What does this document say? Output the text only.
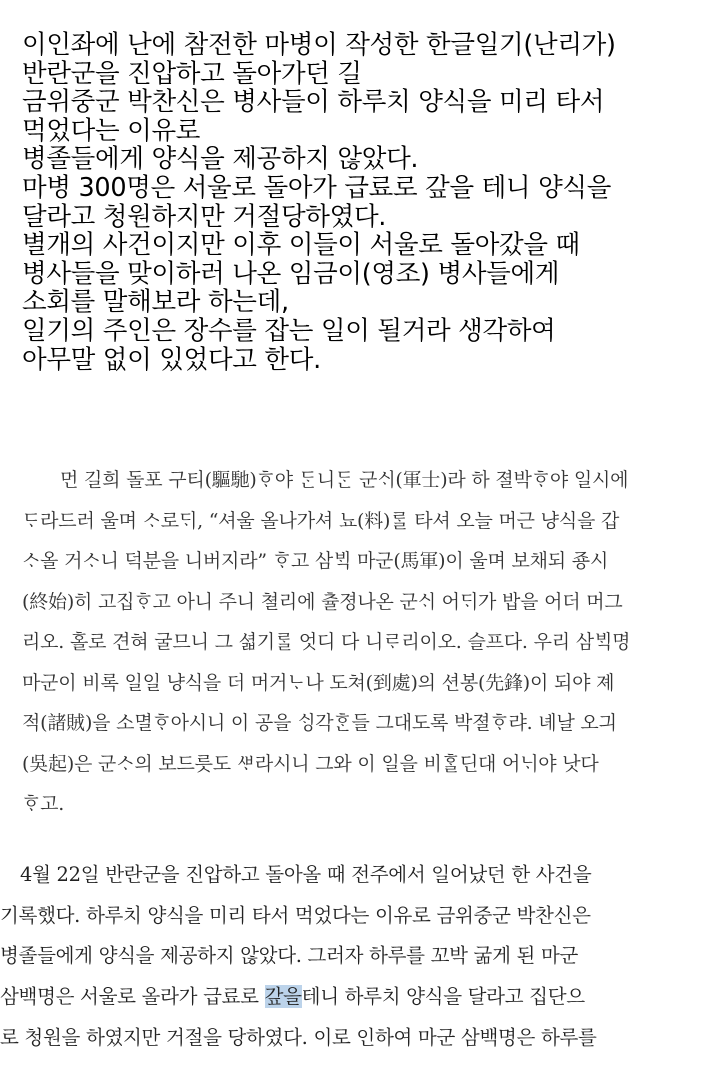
이인좌에 난에 참전한 마병이 작성한 한글일기(난리가)
반란군을 진압하고 돌아가던 길
금위중군 박찬신은 병사들이 하루치 양식을 미리 타서
먹었다는 이유로
병졸들에게 양식을 제공하지 않았다.
마병 300명은 서울로 돌아가 급료로 갚을 테니 양식을
달라고 청원하지만 거절당하였다.
별개의 사건이지만 이후 이들이 서울로 돌아갔을 때
병사들을 맞이하러 나온 임금이(영조) 병사들에게
소회를 말해보라 하는데,
일기의 주인은 장수를 잡는 일이 될거라 생각하여
아무말 없이 있었다고 한다.
먼 길희 돌포 구티(驅馳)ᄒᆞ야 ᄃᆞᆫ니ᄃᆞᆫ 군ᄉᆡ(軍士)라 하 졀박ᄒᆞ야 일시에
ᄃᆞ라드러 울며 ᄉᆞ로ᄃᆡ, “셔울 올나가셔 뇨(料)ᄅᆞᆯ 타셔 오늘 머근 냥식을 갑
ᄉᆞ올 거ᄉᆞ니 덕분을 니버지라” ᄒᆞ고 삼ᄇᆡᆨ 마군(馬軍)이 울며 보채되 죵시
(終始)히 고집ᄒᆞ고 아니 주니 쳘리에 츌졍나온 군ᄉᆡ 어ᄃᆡ가 밥을 어더 머그
리오. 홀로 견혀 굴므니 그 셟기ᄅᆞᆯ 엇디 다 니ᄅᆞ리이오. 슬프다. 우리 삼ᄇᆡᆨ명
마군이 비록 일일 냥식을 더 머거ᄂᆞ나 도쳐(到處)의 션봉(先鋒)이 되야 졔
적(諸賊)을 소멸ᄒᆞ아시니 이 공을 ᄉᆡᆼ각ᄒᆞᆫ들 그대도록 박졀ᄒᆞ랴. 녜날 오긔
(吳起)은 군ᄉᆞ의 보드릇도 ᄲᆞ라시니 그와 이 일을 비ᄒᆞᆯ딘대 어ᄂᆡ야 낫다
ᄒᆞ고.
4월 22일 반란군을 진압하고 돌아올 때 전주에서 일어났던 한 사건을
기록했다. 하루치 양식을 미리 타서 먹었다는 이유로 금위중군 박찬신은
병졸들에게 양식을 제공하지 않았다. 그러자 하루를 꼬박 굶게 된 마군
삼백명은 서울로 올라가 급료로 갚을테니 하루치 양식을 달라고 집단으
로 청원을 하였지만 거절을 당하였다. 이로 인하여 마군 삼백명은 하루를
